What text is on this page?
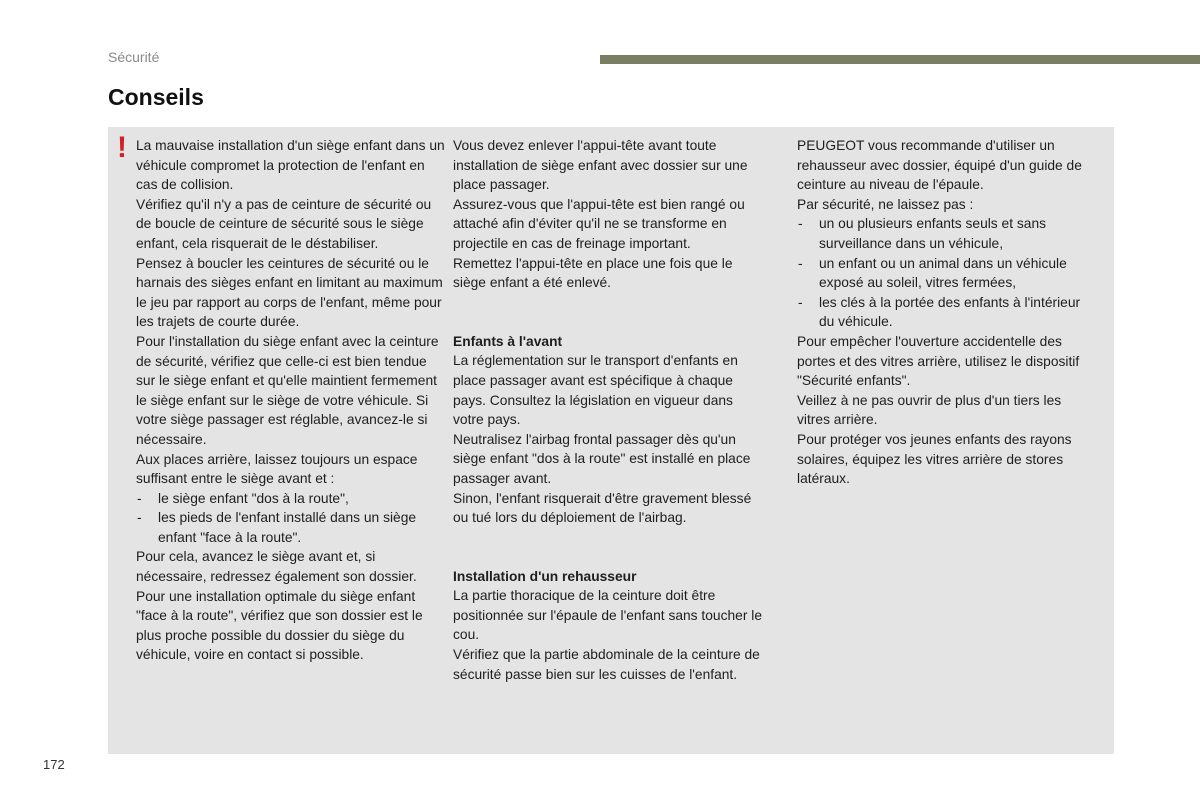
Sécurité
Conseils
! La mauvaise installation d'un siège enfant dans un véhicule compromet la protection de l'enfant en cas de collision.

Vérifiez qu'il n'y a pas de ceinture de sécurité ou de boucle de ceinture de sécurité sous le siège enfant, cela risquerait de le déstabiliser.

Pensez à boucler les ceintures de sécurité ou le harnais des sièges enfant en limitant au maximum le jeu par rapport au corps de l'enfant, même pour les trajets de courte durée.

Pour l'installation du siège enfant avec la ceinture de sécurité, vérifiez que celle-ci est bien tendue sur le siège enfant et qu'elle maintient fermement le siège enfant sur le siège de votre véhicule. Si votre siège passager est réglable, avancez-le si nécessaire.

Aux places arrière, laissez toujours un espace suffisant entre le siège avant et :

- le siège enfant "dos à la route",
- les pieds de l'enfant installé dans un siège enfant "face à la route".

Pour cela, avancez le siège avant et, si nécessaire, redressez également son dossier.

Pour une installation optimale du siège enfant "face à la route", vérifiez que son dossier est le plus proche possible du dossier du siège du véhicule, voire en contact si possible.

Vous devez enlever l'appui-tête avant toute installation de siège enfant avec dossier sur une place passager.

Assurez-vous que l'appui-tête est bien rangé ou attaché afin d'éviter qu'il ne se transforme en projectile en cas de freinage important.

Remettez l'appui-tête en place une fois que le siège enfant a été enlevé.

Enfants à l'avant

La réglementation sur le transport d'enfants en place passager avant est spécifique à chaque pays. Consultez la législation en vigueur dans votre pays.

Neutralisez l'airbag frontal passager dès qu'un siège enfant "dos à la route" est installé en place passager avant.

Sinon, l'enfant risquerait d'être gravement blessé ou tué lors du déploiement de l'airbag.

Installation d'un rehausseur

La partie thoracique de la ceinture doit être positionnée sur l'épaule de l'enfant sans toucher le cou.

Vérifiez que la partie abdominale de la ceinture de sécurité passe bien sur les cuisses de l'enfant.

PEUGEOT vous recommande d'utiliser un rehausseur avec dossier, équipé d'un guide de ceinture au niveau de l'épaule.

Par sécurité, ne laissez pas :

- un ou plusieurs enfants seuls et sans surveillance dans un véhicule,
- un enfant ou un animal dans un véhicule exposé au soleil, vitres fermées,
- les clés à la portée des enfants à l'intérieur du véhicule.

Pour empêcher l'ouverture accidentelle des portes et des vitres arrière, utilisez le dispositif "Sécurité enfants".

Veillez à ne pas ouvrir de plus d'un tiers les vitres arrière.

Pour protéger vos jeunes enfants des rayons solaires, équipez les vitres arrière de stores latéraux.

172
